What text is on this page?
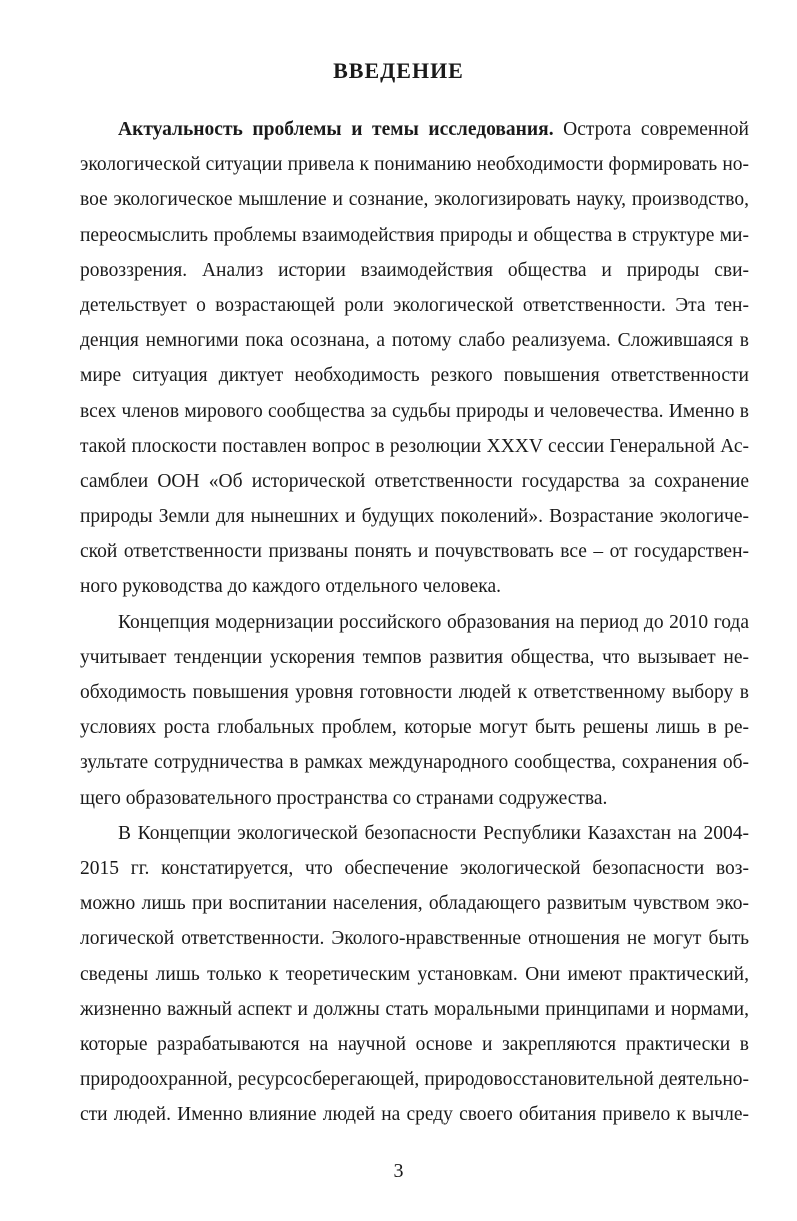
ВВЕДЕНИЕ
Актуальность проблемы и темы исследования. Острота современной
экологической ситуации привела к пониманию необходимости формировать но-
вое экологическое мышление и сознание, экологизировать науку, производство,
переосмыслить проблемы взаимодействия природы и общества в структуре ми-
ровоззрения. Анализ истории взаимодействия общества и природы сви-
детельствует о возрастающей роли экологической ответственности. Эта тен-
денция немногими пока осознана, а потому слабо реализуема. Сложившаяся в
мире ситуация диктует необходимость резкого повышения ответственности
всех членов мирового сообщества за судьбы природы и человечества. Именно в
такой плоскости поставлен вопрос в резолюции XXXV сессии Генеральной Ас-
самблеи ООН «Об исторической ответственности государства за сохранение
природы Земли для нынешних и будущих поколений». Возрастание экологиче-
ской ответственности призваны понять и почувствовать все – от государствен-
ного руководства до каждого отдельного человека.
Концепция модернизации российского образования на период до 2010 года
учитывает тенденции ускорения темпов развития общества, что вызывает не-
обходимость повышения уровня готовности людей к ответственному выбору в
условиях роста глобальных проблем, которые могут быть решены лишь в ре-
зультате сотрудничества в рамках международного сообщества, сохранения об-
щего образовательного пространства со странами содружества.
В Концепции экологической безопасности Республики Казахстан на 2004-
2015 гг. констатируется, что обеспечение экологической безопасности воз-
можно лишь при воспитании населения, обладающего развитым чувством эко-
логической ответственности. Эколого-нравственные отношения не могут быть
сведены лишь только к теоретическим установкам. Они имеют практический,
жизненно важный аспект и должны стать моральными принципами и нормами,
которые разрабатываются на научной основе и закрепляются практически в
природоохранной, ресурсосберегающей, природовосстановительной деятельно-
сти людей. Именно влияние людей на среду своего обитания привело к вычле-
3
